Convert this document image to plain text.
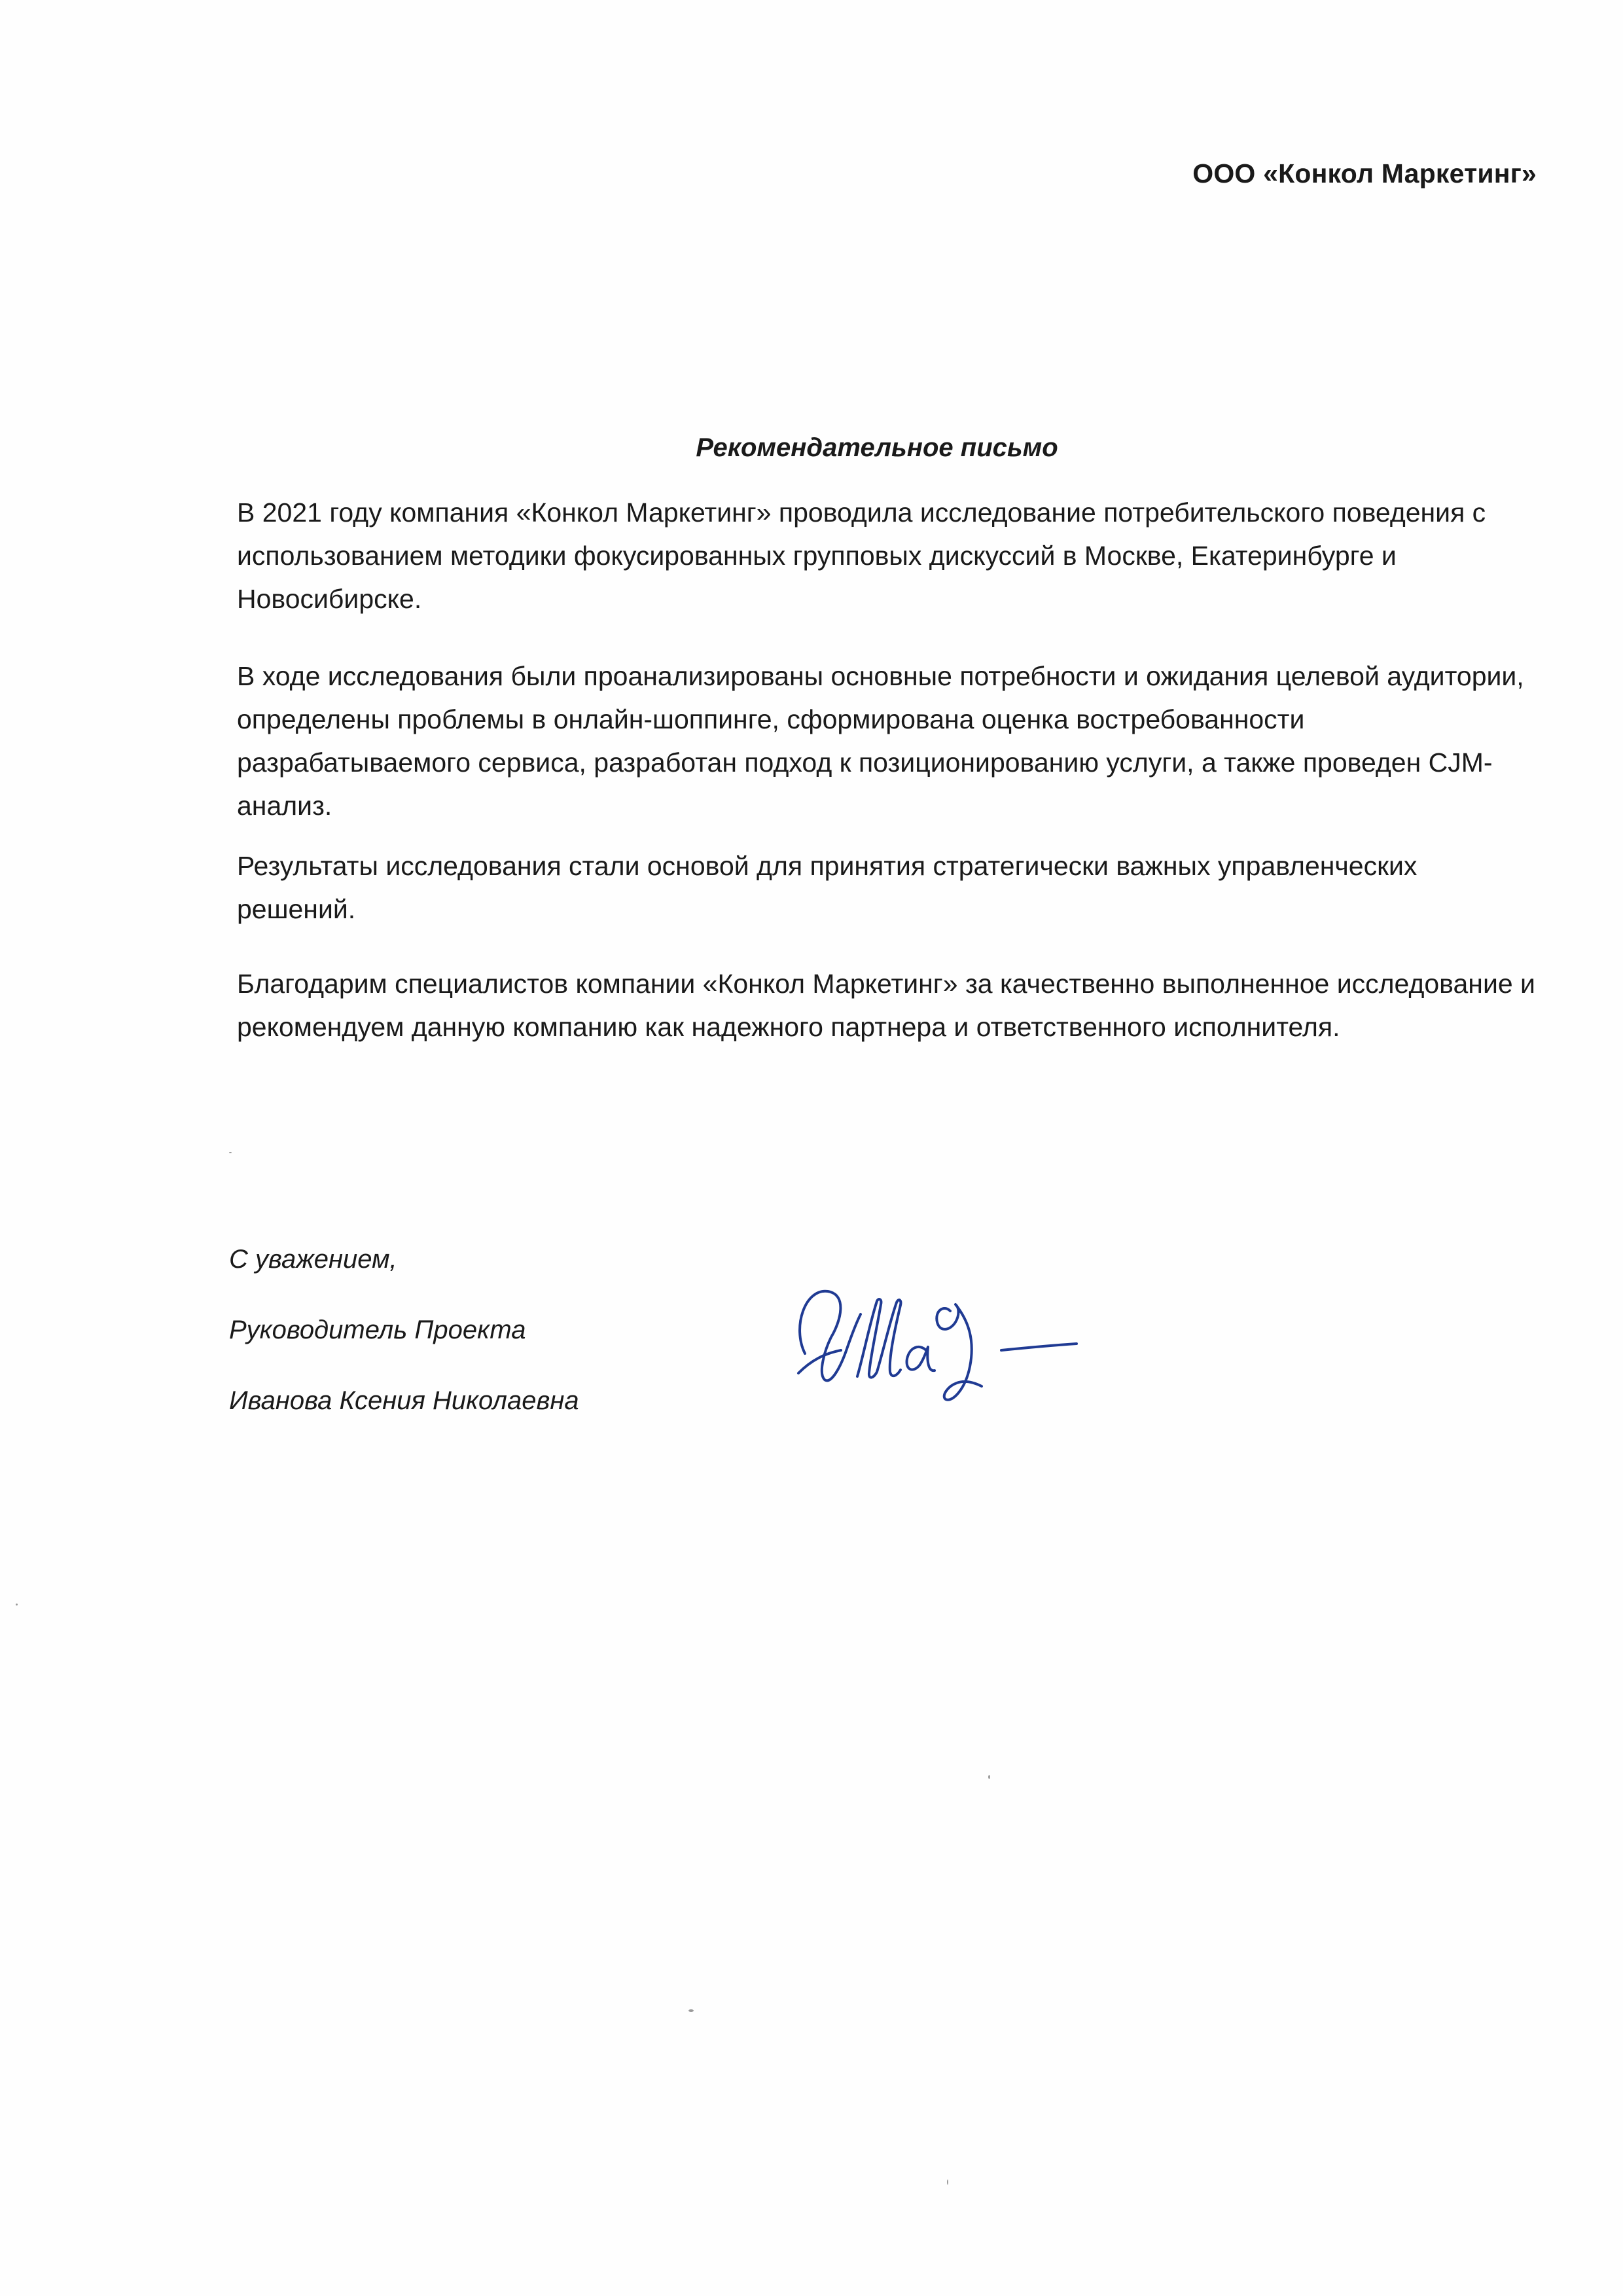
ООО «Конкол Маркетинг»
Рекомендательное письмо

В 2021 году компания «Конкол Маркетинг» проводила исследование потребительского поведения с использованием методики фокусированных групповых дискуссий в Москве, Екатеринбурге и Новосибирске.

В ходе исследования были проанализированы основные потребности и ожидания целевой аудитории, определены проблемы в онлайн-шоппинге, сформирована оценка востребованности разрабатываемого сервиса, разработан подход к позиционированию услуги, а также проведен CJM-анализ.

Результаты исследования стали основой для принятия стратегически важных управленческих решений.

Благодарим специалистов компании «Конкол Маркетинг» за качественно выполненное исследование и рекомендуем данную компанию как надежного партнера и ответственного исполнителя.

С уважением,
Руководитель Проекта
Иванова Ксения Николаевна
